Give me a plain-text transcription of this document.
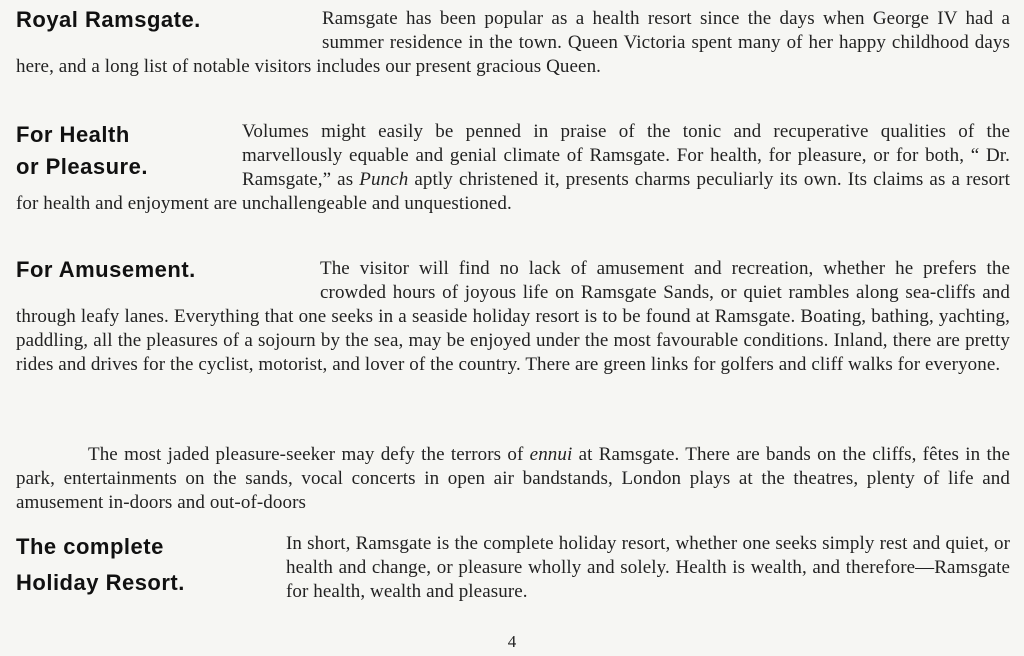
Royal Ramsgate.	Ramsgate has been popular as a health resort since the days when George IV had a summer residence in the town. Queen Victoria spent many of her happy childhood days here, and a long list of notable visitors includes our present gracious Queen.

For Health
or Pleasure.

Volumes might easily be penned in praise of the tonic and recuperative qualities of the marvellously equable and genial climate of Ramsgate. For health, for pleasure, or for both, “ Dr. Ramsgate,” as Punch aptly christened it, presents charms peculiarly its own. Its claims as a resort for health and enjoyment are unchallengeable and unquestioned.

For Amusement.	The visitor will find no lack of amusement and recreation, whether he prefers the crowded hours of joyous life on Ramsgate Sands, or quiet rambles along sea-cliffs and through leafy lanes. Everything that one seeks in a seaside holiday resort is to be found at Ramsgate. Boating, bathing, yachting, paddling, all the pleasures of a sojourn by the sea, may be enjoyed under the most favourable conditions. Inland, there are pretty rides and drives for the cyclist, motorist, and lover of the country. There are green links for golfers and cliff walks for everyone.

The most jaded pleasure-seeker may defy the terrors of ennui at Ramsgate. There are bands on the cliffs, fêtes in the park, entertainments on the sands, vocal concerts in open air bandstands, London plays at the theatres, plenty of life and amusement in-doors and out-of-doors

The complete
Holiday Resort.

In short, Ramsgate is the complete holiday resort, whether one seeks simply rest and quiet, or health and change, or pleasure wholly and solely. Health is wealth, and therefore—Ramsgate for health, wealth and pleasure.

4
